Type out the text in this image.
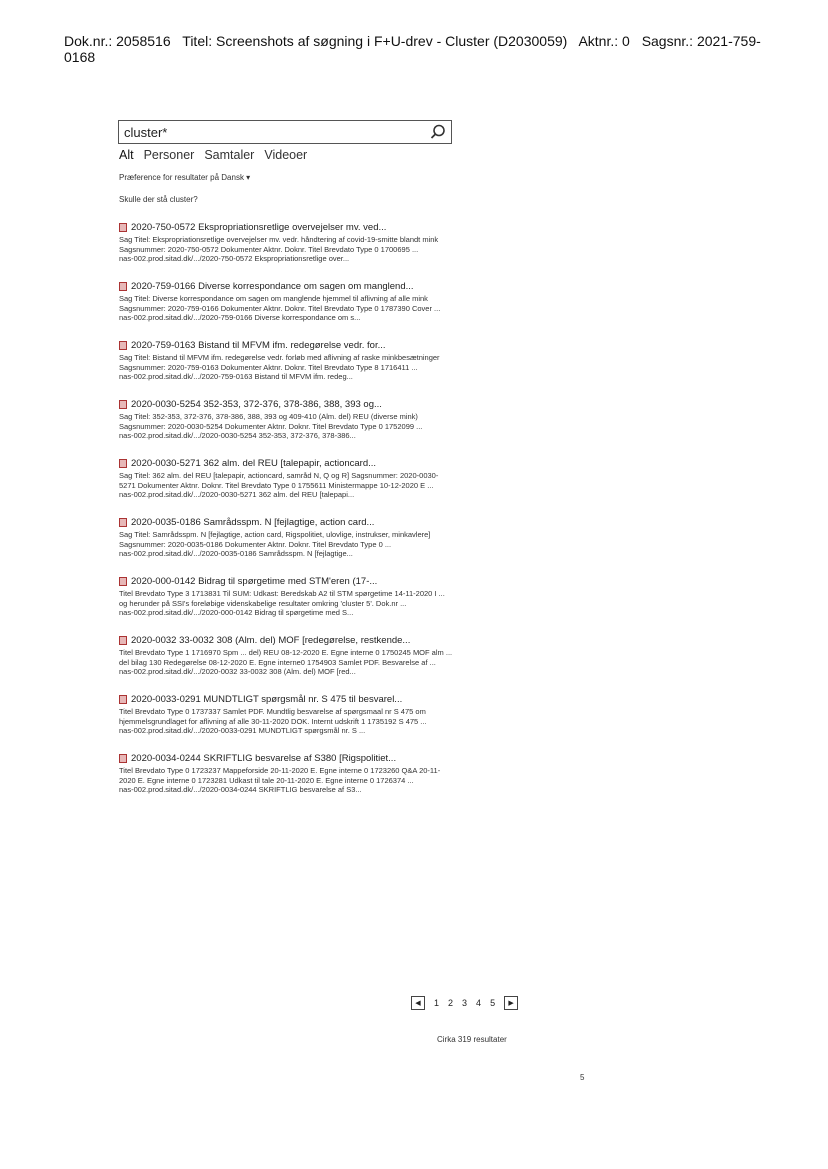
Dok.nr.: 2058516 Titel: Screenshots af søgning i F+U-drev - Cluster (D2030059) Aktnr.: 0 Sagsnr.: 2021-759-0168
cluster*
Alt Personer Samtaler Videoer
Præference for resultater på Dansk ▾
Skulle der stå cluster?
2020-750-0572 Ekspropriationsretlige overvejelser mv. ved...
Sag Titel: Ekspropriationsretlige overvejelser mv. vedr. håndtering af covid-19-smitte blandt mink Sagsnummer: 2020-750-0572 Dokumenter Aktnr. Doknr. Titel Brevdato Type 0 1700695 ...
nas-002.prod.sitad.dk/.../2020-750-0572 Ekspropriationsretlige over...
2020-759-0166 Diverse korrespondance om sagen om manglend...
Sag Titel: Diverse korrespondance om sagen om manglende hjemmel til aflivning af alle mink Sagsnummer: 2020-759-0166 Dokumenter Aktnr. Doknr. Titel Brevdato Type 0 1787390 Cover ...
nas-002.prod.sitad.dk/.../2020-759-0166 Diverse korrespondance om s...
2020-759-0163 Bistand til MFVM ifm. redegørelse vedr. for...
Sag Titel: Bistand til MFVM ifm. redegørelse vedr. forløb med aflivning af raske minkbesætninger Sagsnummer: 2020-759-0163 Dokumenter Aktnr. Doknr. Titel Brevdato Type 8 1716411 ...
nas-002.prod.sitad.dk/.../2020-759-0163 Bistand til MFVM ifm. redeg...
2020-0030-5254 352-353, 372-376, 378-386, 388, 393 og...
Sag Titel: 352-353, 372-376, 378-386, 388, 393 og 409-410 (Alm. del) REU (diverse mink) Sagsnummer: 2020-0030-5254 Dokumenter Aktnr. Doknr. Titel Brevdato Type 0 1752099 ...
nas-002.prod.sitad.dk/.../2020-0030-5254 352-353, 372-376, 378-386...
2020-0030-5271 362 alm. del REU [talepapir, actioncard...
Sag Titel: 362 alm. del REU [talepapir, actioncard, samråd N, Q og R] Sagsnummer: 2020-0030-5271 Dokumenter Aktnr. Doknr. Titel Brevdato Type 0 1755611 Ministermappe 10-12-2020 E ...
nas-002.prod.sitad.dk/.../2020-0030-5271 362 alm. del REU [talepapi...
2020-0035-0186 Samrådsspm. N [fejlagtige, action card...
Sag Titel: Samrådsspm. N [fejlagtige, action card, Rigspolitiet, ulovlige, instrukser, minkavlere] Sagsnummer: 2020-0035-0186 Dokumenter Aktnr. Doknr. Titel Brevdato Type 0 ...
nas-002.prod.sitad.dk/.../2020-0035-0186 Samrådsspm. N [fejlagtige...
2020-000-0142 Bidrag til spørgetime med STM'eren (17-...
Titel Brevdato Type 3 1713831 Til SUM: Udkast: Beredskab A2 til STM spørgetime 14-11-2020 I ... og herunder på SSI's foreløbige videnskabelige resultater omkring 'cluster 5'. Dok.nr ...
nas-002.prod.sitad.dk/.../2020-000-0142 Bidrag til spørgetime med S...
2020-0032 33-0032 308 (Alm. del) MOF [redegørelse, restkende...
Titel Brevdato Type 1 1716970 Spm ... del) REU 08-12-2020 E. Egne interne 0 1750245 MOF alm ... del bilag 130 Redegørelse 08-12-2020 E. Egne interne0 1754903 Samlet PDF. Besvarelse af ...
nas-002.prod.sitad.dk/.../2020-0032 33-0032 308 (Alm. del) MOF [red...
2020-0033-0291 MUNDTLIGT spørgsmål nr. S 475 til besvarel...
Titel Brevdato Type 0 1737337 Samlet PDF. Mundtlig besvarelse af spørgsmaal nr S 475 om hjemmelsgrundlaget for aflivning af alle 30-11-2020 DOK. Internt udskrift 1 1735192 S 475 ...
nas-002.prod.sitad.dk/.../2020-0033-0291 MUNDTLIGT spørgsmål nr. S ...
2020-0034-0244 SKRIFTLIG besvarelse af S380 [Rigspolitiet...
Titel Brevdato Type 0 1723237 Mappeforside 20-11-2020 E. Egne interne 0 1723260 Q&A 20-11-2020 E. Egne interne 0 1723281 Udkast til tale 20-11-2020 E. Egne interne 0 1726374 ...
nas-002.prod.sitad.dk/.../2020-0034-0244 SKRIFTLIG besvarelse af S3...
◀	1 2 3 4 5	▶
Cirka 319 resultater
5
